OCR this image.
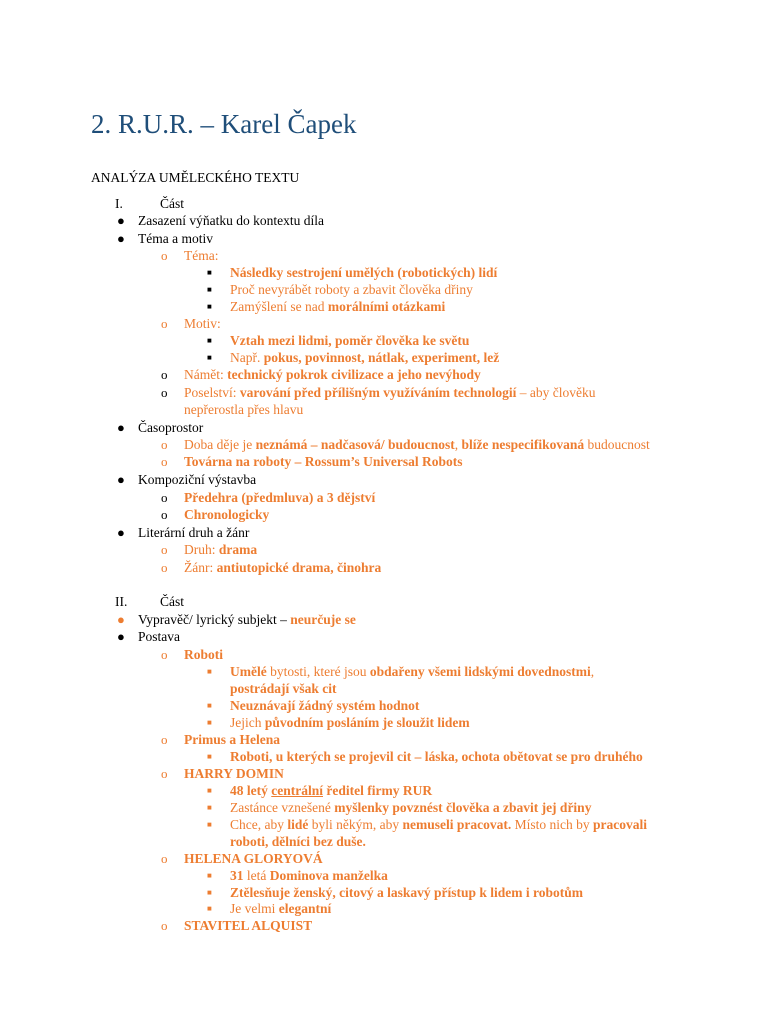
2. R.U.R. – Karel Čapek
ANALÝZA UMĚLECKÉHO TEXTU
I.	Část
● Zasazení výňatku do kontextu díla
● Téma a motiv
o Téma:
■ Následky sestrojení umělých (robotických) lidí
■ Proč nevyrábět roboty a zbavit člověka dřiny
■ Zamýšlení se nad morálními otázkami
o Motiv:
■ Vztah mezi lidmi, poměr člověka ke světu
■ Např. pokus, povinnost, nátlak, experiment, lež
o Námět: technický pokrok civilizace a jeho nevýhody
o Poselství: varování před přílišným využíváním technologií – aby člověku
nepřerostla přes hlavu
● Časoprostor
o Doba děje je neznámá – nadčasová/ budoucnost, blíže nespecifikovaná budoucnost
o Továrna na roboty – Rossum’s Universal Robots
● Kompoziční výstavba
o Předehra (předmluva) a 3 dějství
o Chronologicky
● Literární druh a žánr
o Druh: drama
o Žánr: antiutopické drama, činohra
II. Část
● Vypravěč/ lyrický subjekt – neurčuje se
● Postava
o Roboti
■ Umělé bytosti, které jsou obdařeny všemi lidskými dovednostmi,
postrádají však cit
■ Neuznávají žádný systém hodnot
■ Jejich původním posláním je sloužit lidem
o Primus a Helena
■ Roboti, u kterých se projevil cit – láska, ochota obětovat se pro druhého
o HARRY DOMIN
■ 48 letý centrální ředitel firmy RUR
■ Zastánce vznešené myšlenky povznést člověka a zbavit jej dřiny
■ Chce, aby lidé byli někým, aby nemuseli pracovat. Místo nich by pracovali
roboti, dělníci bez duše.
o HELENA GLORYOVÁ
■ 31 letá Dominova manželka
■ Ztělesňuje ženský, citový a laskavý přístup k lidem i robotům
■ Je velmi elegantní
o STAVITEL ALQUIST
